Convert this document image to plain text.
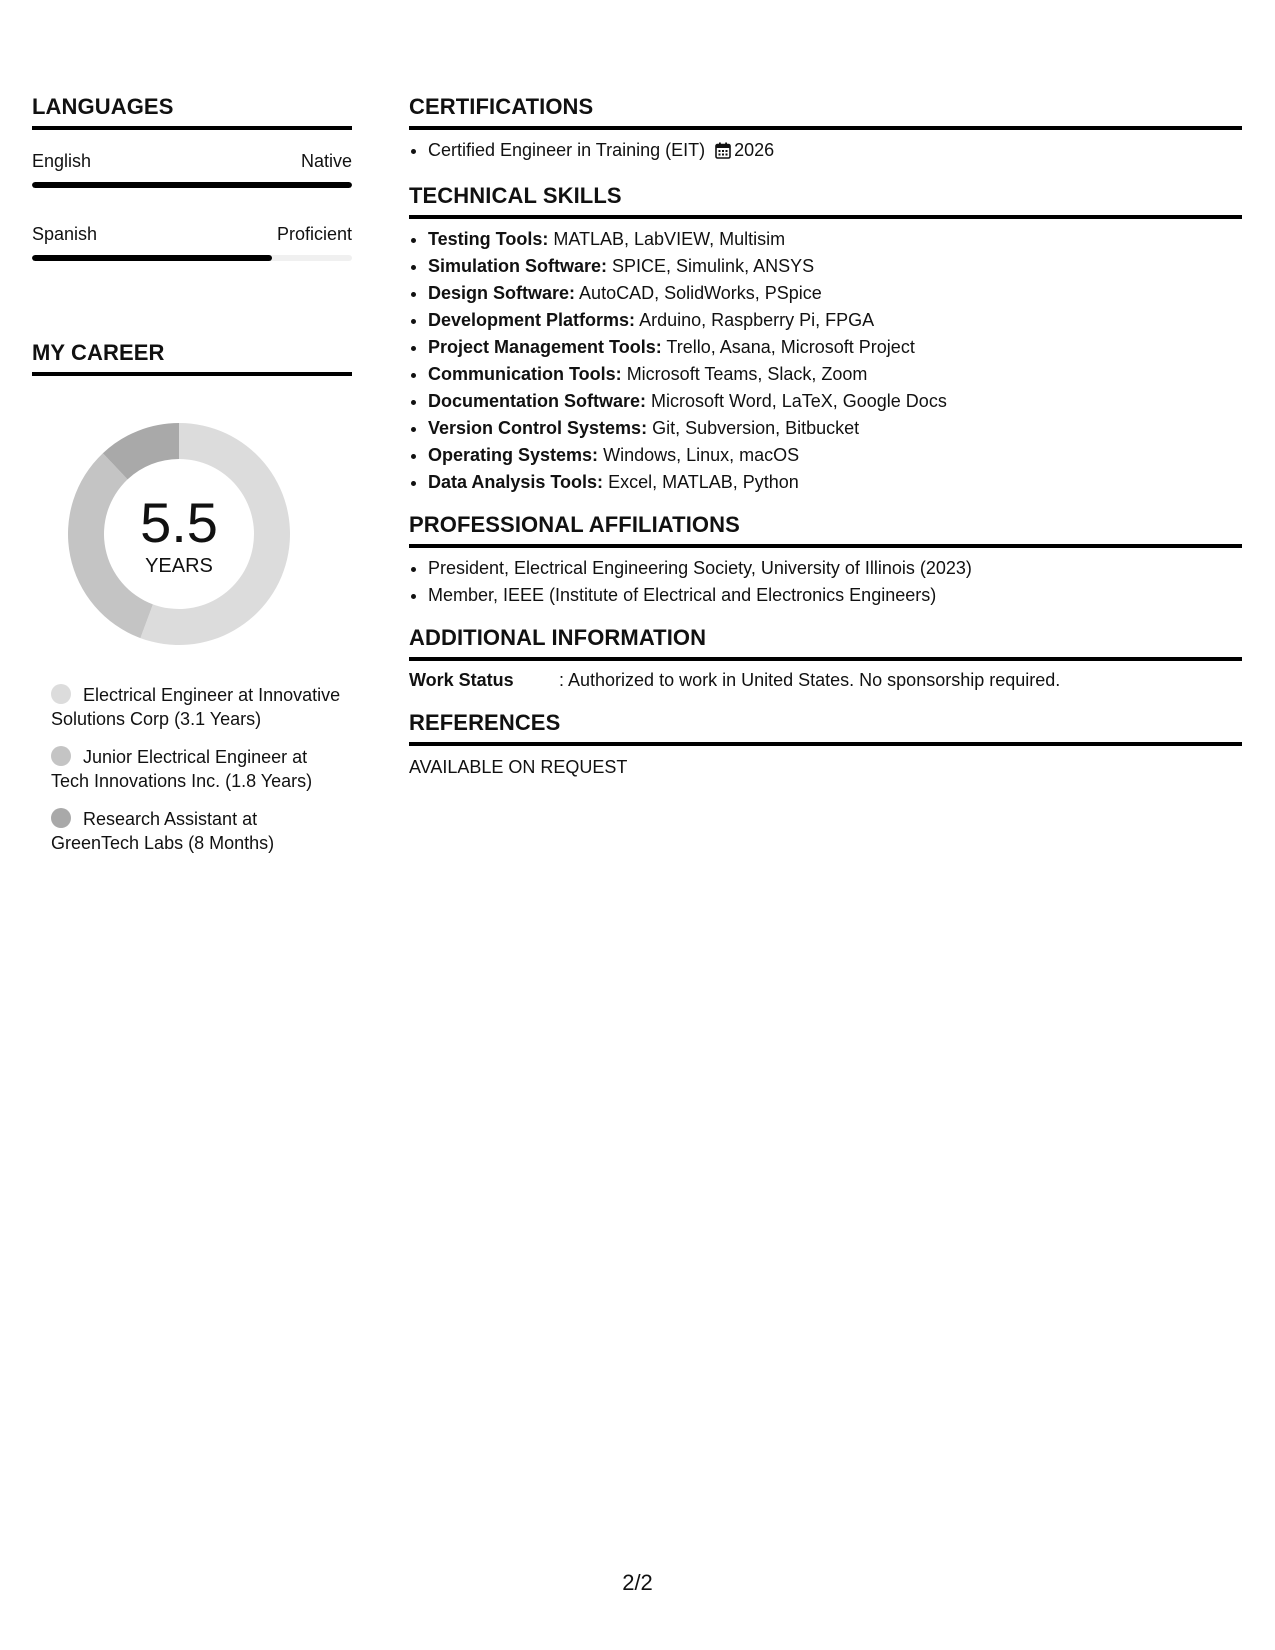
LANGUAGES
English	Native
Spanish	Proficient
MY CAREER
5.5
YEARS
Electrical Engineer at Innovative Solutions Corp (3.1 Years)
Junior Electrical Engineer at Tech Innovations Inc. (1.8 Years)
Research Assistant at GreenTech Labs (8 Months)
CERTIFICATIONS
• Certified Engineer in Training (EIT) 2026
TECHNICAL SKILLS
• Testing Tools: MATLAB, LabVIEW, Multisim
• Simulation Software: SPICE, Simulink, ANSYS
• Design Software: AutoCAD, SolidWorks, PSpice
• Development Platforms: Arduino, Raspberry Pi, FPGA
• Project Management Tools: Trello, Asana, Microsoft Project
• Communication Tools: Microsoft Teams, Slack, Zoom
• Documentation Software: Microsoft Word, LaTeX, Google Docs
• Version Control Systems: Git, Subversion, Bitbucket
• Operating Systems: Windows, Linux, macOS
• Data Analysis Tools: Excel, MATLAB, Python
PROFESSIONAL AFFILIATIONS
• President, Electrical Engineering Society, University of Illinois (2023)
• Member, IEEE (Institute of Electrical and Electronics Engineers)
ADDITIONAL INFORMATION
Work Status	: Authorized to work in United States. No sponsorship required.
REFERENCES
AVAILABLE ON REQUEST
2/2
